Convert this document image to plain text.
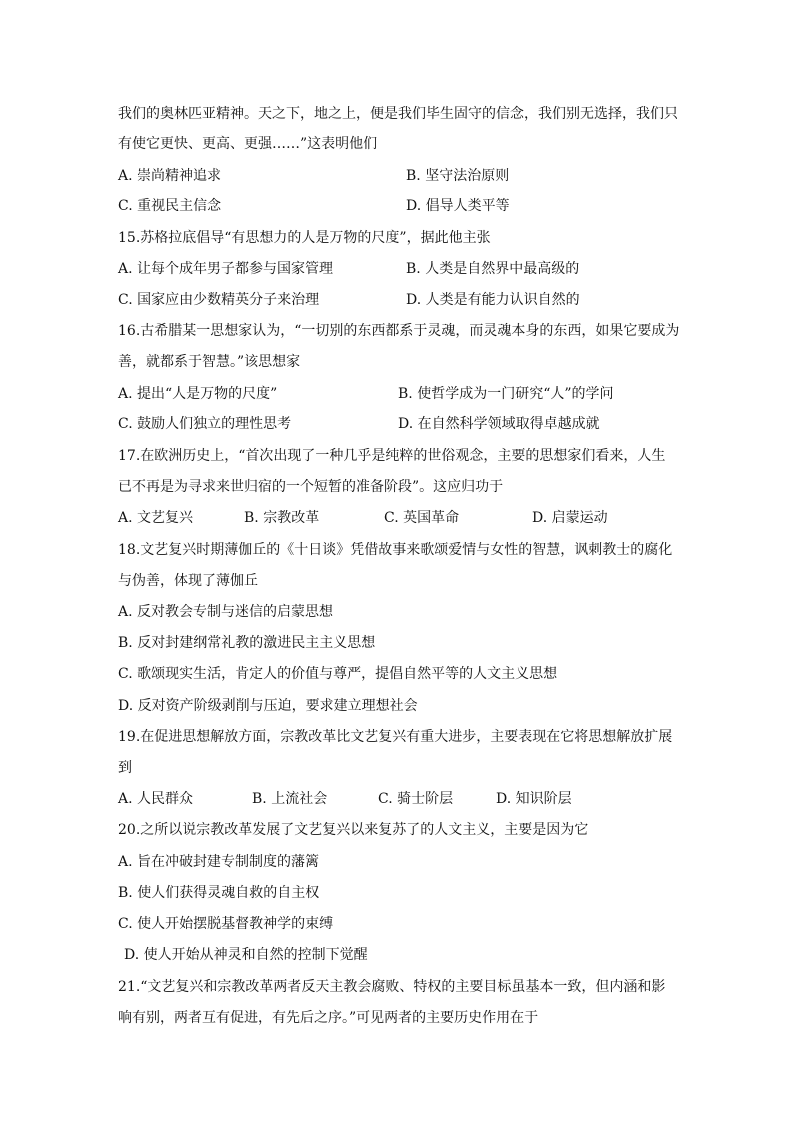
我们的奥林匹亚精神。天之下，地之上，便是我们毕生固守的信念，我们别无选择，我们只
有使它更快、更高、更强……”这表明他们
A. 崇尚精神追求	B. 坚守法治原则
C. 重视民主信念	D. 倡导人类平等
15.苏格拉底倡导“有思想力的人是万物的尺度”，据此他主张
A. 让每个成年男子都参与国家管理	B. 人类是自然界中最高级的
C. 国家应由少数精英分子来治理	D. 人类是有能力认识自然的
16.古希腊某一思想家认为，“一切别的东西都系于灵魂，而灵魂本身的东西，如果它要成为
善，就都系于智慧。”该思想家
A. 提出“人是万物的尺度”	B. 使哲学成为一门研究“人”的学问
C. 鼓励人们独立的理性思考	D. 在自然科学领域取得卓越成就
17.在欧洲历史上，“首次出现了一种几乎是纯粹的世俗观念，主要的思想家们看来，人生
已不再是为寻求来世归宿的一个短暂的准备阶段”。这应归功于
A. 文艺复兴	B. 宗教改革	C. 英国革命	D. 启蒙运动
18.文艺复兴时期薄伽丘的《十日谈》凭借故事来歌颂爱情与女性的智慧，讽刺教士的腐化
与伪善，体现了薄伽丘
A. 反对教会专制与迷信的启蒙思想
B. 反对封建纲常礼教的激进民主主义思想
C. 歌颂现实生活，肯定人的价值与尊严，提倡自然平等的人文主义思想
D. 反对资产阶级剥削与压迫，要求建立理想社会
19.在促进思想解放方面，宗教改革比文艺复兴有重大进步，主要表现在它将思想解放扩展
到
A. 人民群众	B. 上流社会	C. 骑士阶层	D. 知识阶层
20.之所以说宗教改革发展了文艺复兴以来复苏了的人文主义，主要是因为它
A. 旨在冲破封建专制制度的藩篱
B. 使人们获得灵魂自救的自主权
C. 使人开始摆脱基督教神学的束缚
D. 使人开始从神灵和自然的控制下觉醒
21.“文艺复兴和宗教改革两者反天主教会腐败、特权的主要目标虽基本一致，但内涵和影
响有别，两者互有促进，有先后之序。”可见两者的主要历史作用在于
